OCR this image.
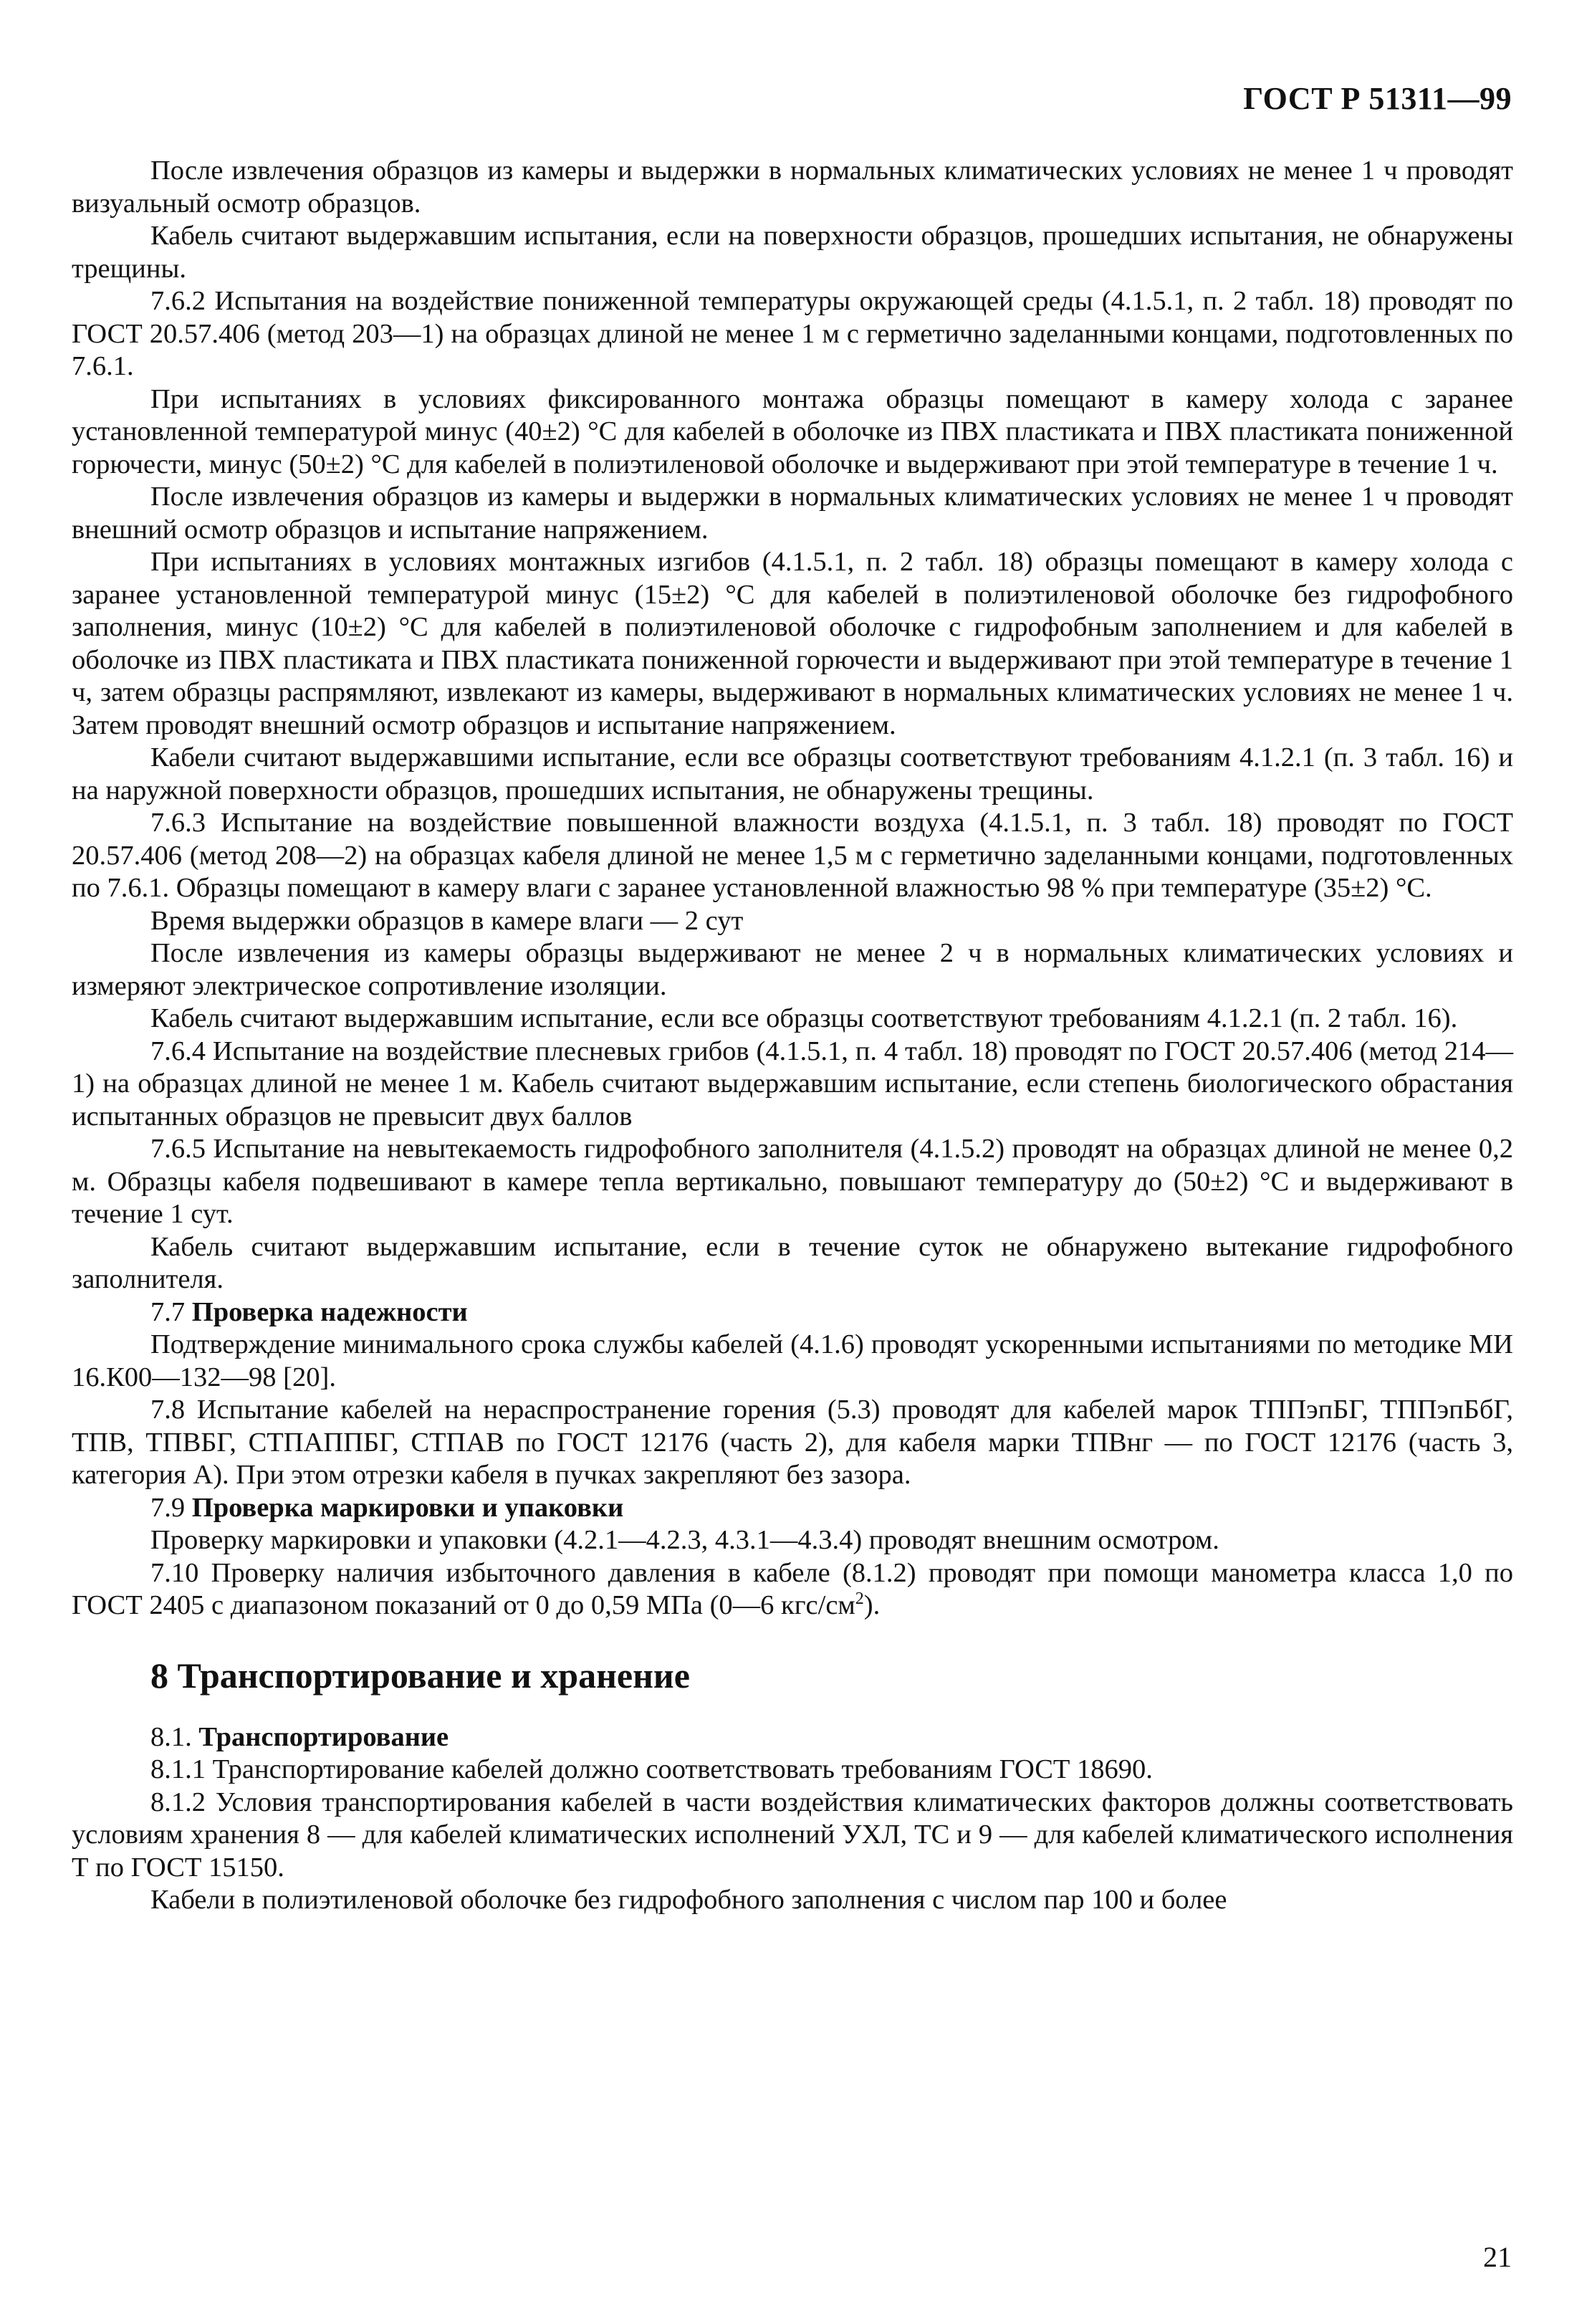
ГОСТ Р 51311—99

После извлечения образцов из камеры и выдержки в нормальных климатических условиях не менее 1 ч проводят визуальный осмотр образцов.

Кабель считают выдержавшим испытания, если на поверхности образцов, прошедших испытания, не обнаружены трещины.

7.6.2 Испытания на воздействие пониженной температуры окружающей среды (4.1.5.1, п. 2 табл. 18) проводят по ГОСТ 20.57.406 (метод 203—1) на образцах длиной не менее 1 м с герметично заделанными концами, подготовленных по 7.6.1.

При испытаниях в условиях фиксированного монтажа образцы помещают в камеру холода с заранее установленной температурой минус (40±2) °С для кабелей в оболочке из ПВХ пластиката и ПВХ пластиката пониженной горючести, минус (50±2) °С для кабелей в полиэтиленовой оболочке и выдерживают при этой температуре в течение 1 ч.

После извлечения образцов из камеры и выдержки в нормальных климатических условиях не менее 1 ч проводят внешний осмотр образцов и испытание напряжением.

При испытаниях в условиях монтажных изгибов (4.1.5.1, п. 2 табл. 18) образцы помещают в камеру холода с заранее установленной температурой минус (15±2) °С для кабелей в полиэтиленовой оболочке без гидрофобного заполнения, минус (10±2) °С для кабелей в полиэтиленовой оболочке с гидрофобным заполнением и для кабелей в оболочке из ПВХ пластиката и ПВХ пластиката пониженной горючести и выдерживают при этой температуре в течение 1 ч, затем образцы распрямляют, извлекают из камеры, выдерживают в нормальных климатических условиях не менее 1 ч. Затем проводят внешний осмотр образцов и испытание напряжением.

Кабели считают выдержавшими испытание, если все образцы соответствуют требованиям 4.1.2.1 (п. 3 табл. 16) и на наружной поверхности образцов, прошедших испытания, не обнаружены трещины.

7.6.3 Испытание на воздействие повышенной влажности воздуха (4.1.5.1, п. 3 табл. 18) проводят по ГОСТ 20.57.406 (метод 208—2) на образцах кабеля длиной не менее 1,5 м с герметично заделанными концами, подготовленных по 7.6.1. Образцы помещают в камеру влаги с заранее установленной влажностью 98 % при температуре (35±2) °С.

Время выдержки образцов в камере влаги — 2 сут

После извлечения из камеры образцы выдерживают не менее 2 ч в нормальных климатических условиях и измеряют электрическое сопротивление изоляции.

Кабель считают выдержавшим испытание, если все образцы соответствуют требованиям 4.1.2.1 (п. 2 табл. 16).

7.6.4 Испытание на воздействие плесневых грибов (4.1.5.1, п. 4 табл. 18) проводят по ГОСТ 20.57.406 (метод 214—1) на образцах длиной не менее 1 м. Кабель считают выдержавшим испытание, если степень биологического обрастания испытанных образцов не превысит двух баллов

7.6.5 Испытание на невытекаемость гидрофобного заполнителя (4.1.5.2) проводят на образцах длиной не менее 0,2 м. Образцы кабеля подвешивают в камере тепла вертикально, повышают температуру до (50±2) °С и выдерживают в течение 1 сут.

Кабель считают выдержавшим испытание, если в течение суток не обнаружено вытекание гидрофобного заполнителя.

7.7 Проверка надежности

Подтверждение минимального срока службы кабелей (4.1.6) проводят ускоренными испытаниями по методике МИ 16.К00—132—98 [20].

7.8 Испытание кабелей на нераспространение горения (5.3) проводят для кабелей марок ТППэпБГ, ТППэпБбГ, ТПВ, ТПВБГ, СТПАППБГ, СТПАВ по ГОСТ 12176 (часть 2), для кабеля марки ТПВнг — по ГОСТ 12176 (часть 3, категория А). При этом отрезки кабеля в пучках закрепляют без зазора.

7.9 Проверка маркировки и упаковки

Проверку маркировки и упаковки (4.2.1—4.2.3, 4.3.1—4.3.4) проводят внешним осмотром.

7.10 Проверку наличия избыточного давления в кабеле (8.1.2) проводят при помощи манометра класса 1,0 по ГОСТ 2405 с диапазоном показаний от 0 до 0,59 МПа (0—6 кгс/$см^2$).

8 Транспортирование и хранение

8.1. Транспортирование

8.1.1 Транспортирование кабелей должно соответствовать требованиям ГОСТ 18690.

8.1.2 Условия транспортирования кабелей в части воздействия климатических факторов должны соответствовать условиям хранения 8 — для кабелей климатических исполнений УХЛ, ТС и 9 — для кабелей климатического исполнения Т по ГОСТ 15150.

Кабели в полиэтиленовой оболочке без гидрофобного заполнения с числом пар 100 и более

21
